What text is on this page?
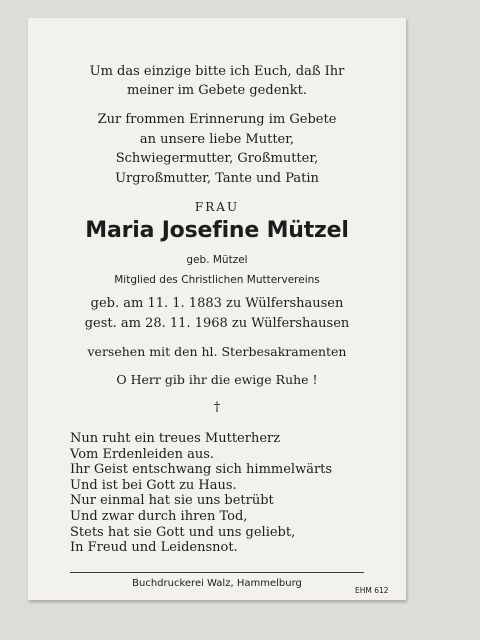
Um das einzige bitte ich Euch, daß Ihr
meiner im Gebete gedenkt.
Zur frommen Erinnerung im Gebete
an unsere liebe Mutter,
Schwiegermutter, Großmutter,
Urgroßmutter, Tante und Patin
FRAU
Maria Josefine Mützel
geb. Mützel
Mitglied des Christlichen Muttervereins
geb. am 11. 1. 1883 zu Wülfershausen
gest. am 28. 11. 1968 zu Wülfershausen
versehen mit den hl. Sterbesakramenten
O Herr gib ihr die ewige Ruhe !
†
Nun ruht ein treues Mutterherz
Vom Erdenleiden aus.
Ihr Geist entschwang sich himmelwärts
Und ist bei Gott zu Haus.
Nur einmal hat sie uns betrübt
Und zwar durch ihren Tod,
Stets hat sie Gott und uns geliebt,
In Freud und Leidensnot.
Buchdruckerei Walz, Hammelburg
EHM 612
